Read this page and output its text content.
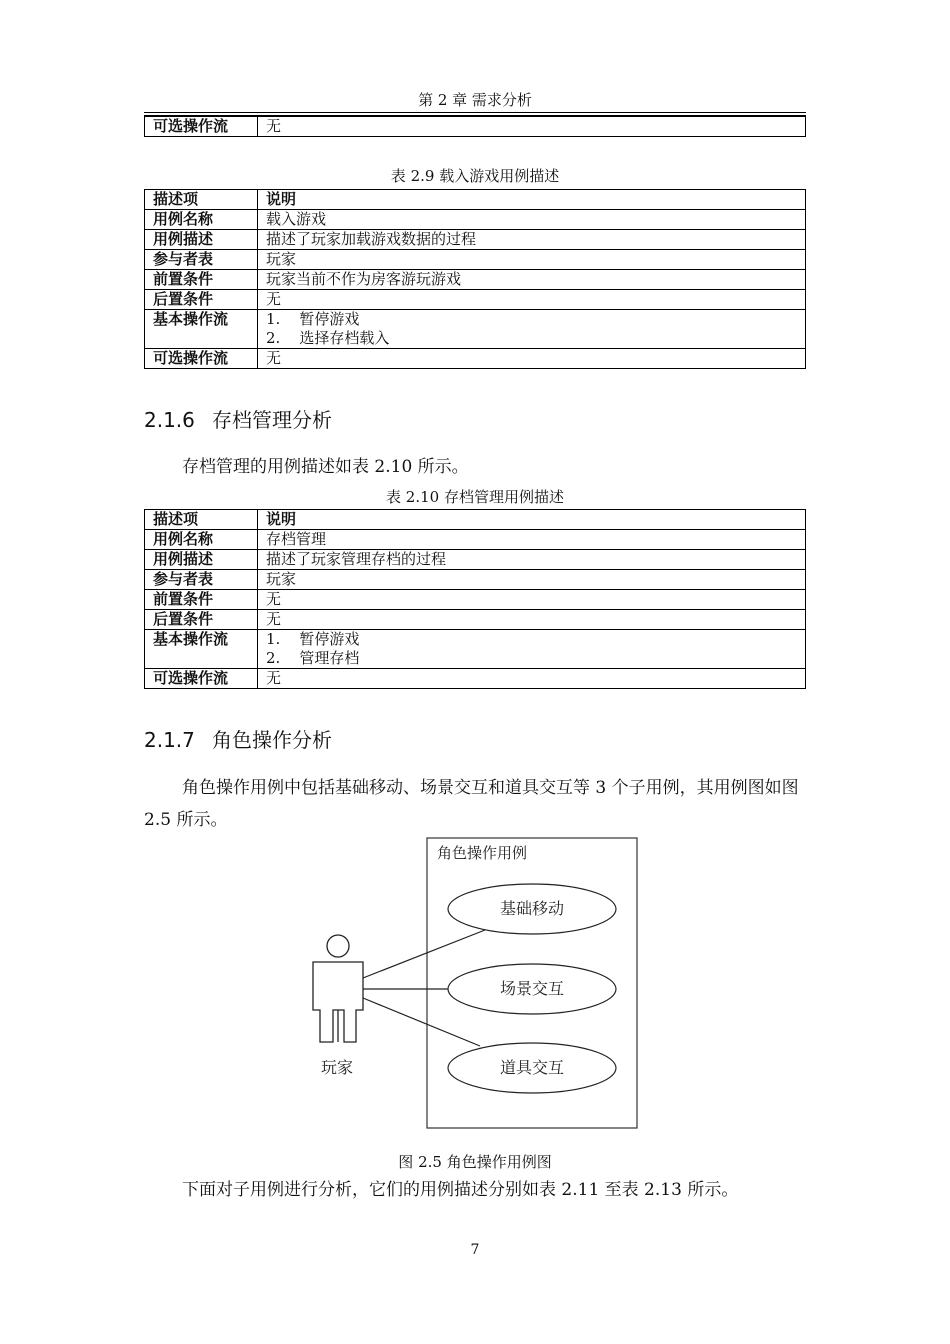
第 2 章 需求分析
可选操作流	无
表 2.9 载入游戏用例描述
描述项	说明
用例名称	载入游戏
用例描述	描述了玩家加载游戏数据的过程
参与者表	玩家
前置条件	玩家当前不作为房客游玩游戏
后置条件	无
基本操作流	1.    暂停游戏
2.    选择存档载入

可选操作流	无
2.1.6 存档管理分析
存档管理的用例描述如表 2.10 所示。
表 2.10 存档管理用例描述
描述项	说明
用例名称	存档管理
用例描述	描述了玩家管理存档的过程
参与者表	玩家
前置条件	无
后置条件	无
基本操作流	1.    暂停游戏
2.    管理存档

可选操作流	无
2.1.7 角色操作分析
角色操作用例中包括基础移动、场景交互和道具交互等 3 个子用例，其用例图如图 2.5 所示。
角色操作用例
玩家
基础移动
场景交互
道具交互
图 2.5 角色操作用例图
下面对子用例进行分析，它们的用例描述分别如表 2.11 至表 2.13 所示。
7
